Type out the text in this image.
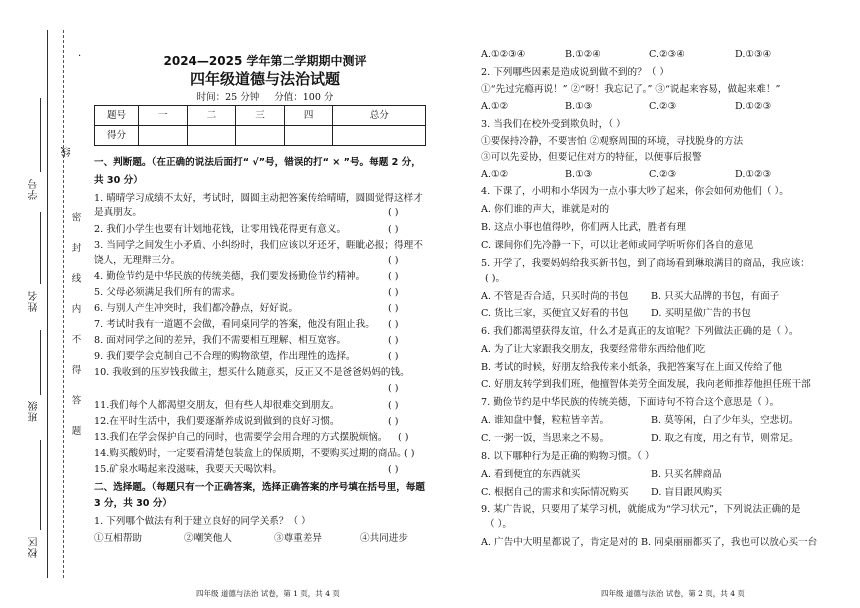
·
校区
班级
姓名
学号
线
密 封 线 内 不 得 答 题
2024—2025 学年第二学期期中测评
四年级道德与法治试题
时间：25 分钟 分值：100 分
题号	一	二	三	四	总分
得分					
一、判断题。（在正确的说法后面打“ √”号，错误的打“ × ”号。每题 2 分，
共 30 分）
1. 晴晴学习成绩不太好，考试时，圆圆主动把答案传给晴晴，圆圆觉得这样才
是真朋友。	( )
2. 我们小学生也要有计划地花钱，让零用钱花得更有意义。	( )
3. 当同学之间发生小矛盾、小纠纷时，我们应该以牙还牙，睚眦必报；得理不
饶人，无理辩三分。	( )
4. 勤俭节约是中华民族的传统美德，我们要发扬勤俭节约精神。 ( )
5. 父母必须满足我们所有的需求。	( )
6. 与别人产生冲突时，我们都冷静点，好好说。	( )
7. 考试时我有一道题不会做，看同桌同学的答案，他没有阻止我。 ( )
8. 面对同学之间的差异，我们不需要相互理解、相互宽容。	( )
9. 我们要学会克制自己不合理的购物欲望，作出理性的选择。	( )
10. 我收到的压岁钱我做主，想买什么随意买，反正又不是爸爸妈妈的钱。
( )
11.我们每个人都渴望交朋友，但有些人却很难交到朋友。	( )
12.在平时生活中，我们要逐渐养成说到做到的良好习惯。	( )
13.我们在学会保护自己的同时，也需要学会用合理的方式摆脱烦恼。 ( )
14.购买酸奶时，一定要看清楚包装盒上的保质期，不要购买过期的商品。
( )
15.矿泉水喝起来没滋味，我要天天喝饮料。	( )
二、选择题。（每题只有一个正确答案，选择正确答案的序号填在括号里，每题
3 分，共 30 分）
1. 下列哪个做法有利于建立良好的同学关系？（ ）
①互相帮助	②嘲笑他人	③尊重差异	④共同进步
四年级 道德与法治 试卷，第 1 页，共 4 页
A.①②③④	B.①②④	C.②③④	D.①③④
2. 下列哪些因素是造成说到做不到的？（ ）
①“先过完瘾再说！” ②“呀！我忘记了。” ③“说起来容易，做起来难！”
A.①②	B.①③	C.②③	D.①②③
3. 当我们在校外受到欺负时，（ ）
①要保持冷静，不要害怕 ②观察周围的环境，寻找脱身的方法
③可以先妥协，但要记住对方的特征，以便事后报警
A.①②	B.①③	C.②③	D.①②③
4. 下课了，小明和小华因为一点小事大吵了起来，你会如何劝他们（ ）。
A. 你们谁的声大，谁就是对的
B. 这点小事也值得吵，你们两人比武，胜者有理
C. 课间你们先冷静一下，可以让老师或同学听听你们各自的意见
5. 开学了，我要妈妈给我买新书包，到了商场看到琳琅满目的商品，我应该：
( )。
A. 不管是否合适，只买时尚的书包 B. 只买大品牌的书包，有面子
C. 货比三家，买便宜又好看的书包 D. 买明星做广告的书包
6. 我们都渴望获得友谊，什么才是真正的友谊呢？下列做法正确的是（ ）。
A. 为了让大家跟我交朋友，我要经常带东西给他们吃
B. 考试的时候，好朋友给我传来小纸条，我把答案写在上面又传给了他
C. 好朋友转学到我们班，他擅智体美劳全面发展，我向老师推荐他担任班干部
7. 勤俭节约是中华民族的传统美德，下面诗句不符合这个意思是（ ）。
A. 谁知盘中餐，粒粒皆辛苦。	B. 莫等闲，白了少年头，空悲切。
C. 一粥一饭，当思来之不易。	D. 取之有度，用之有节，则常足。
8. 以下哪种行为是正确的购物习惯。（ ）
A. 看到便宜的东西就买	B. 只买名牌商品
C. 根据自己的需求和实际情况购买 D. 盲目跟风购买
9. 某广告说，只要用了某学习机，就能成为“学习状元”，下列说法正确的是
（ ）。
A. 广告中大明星都说了，肯定是对的 B. 同桌丽丽都买了，我也可以放心买一台
四年级 道德与法治 试卷，第 2 页，共 4 页
